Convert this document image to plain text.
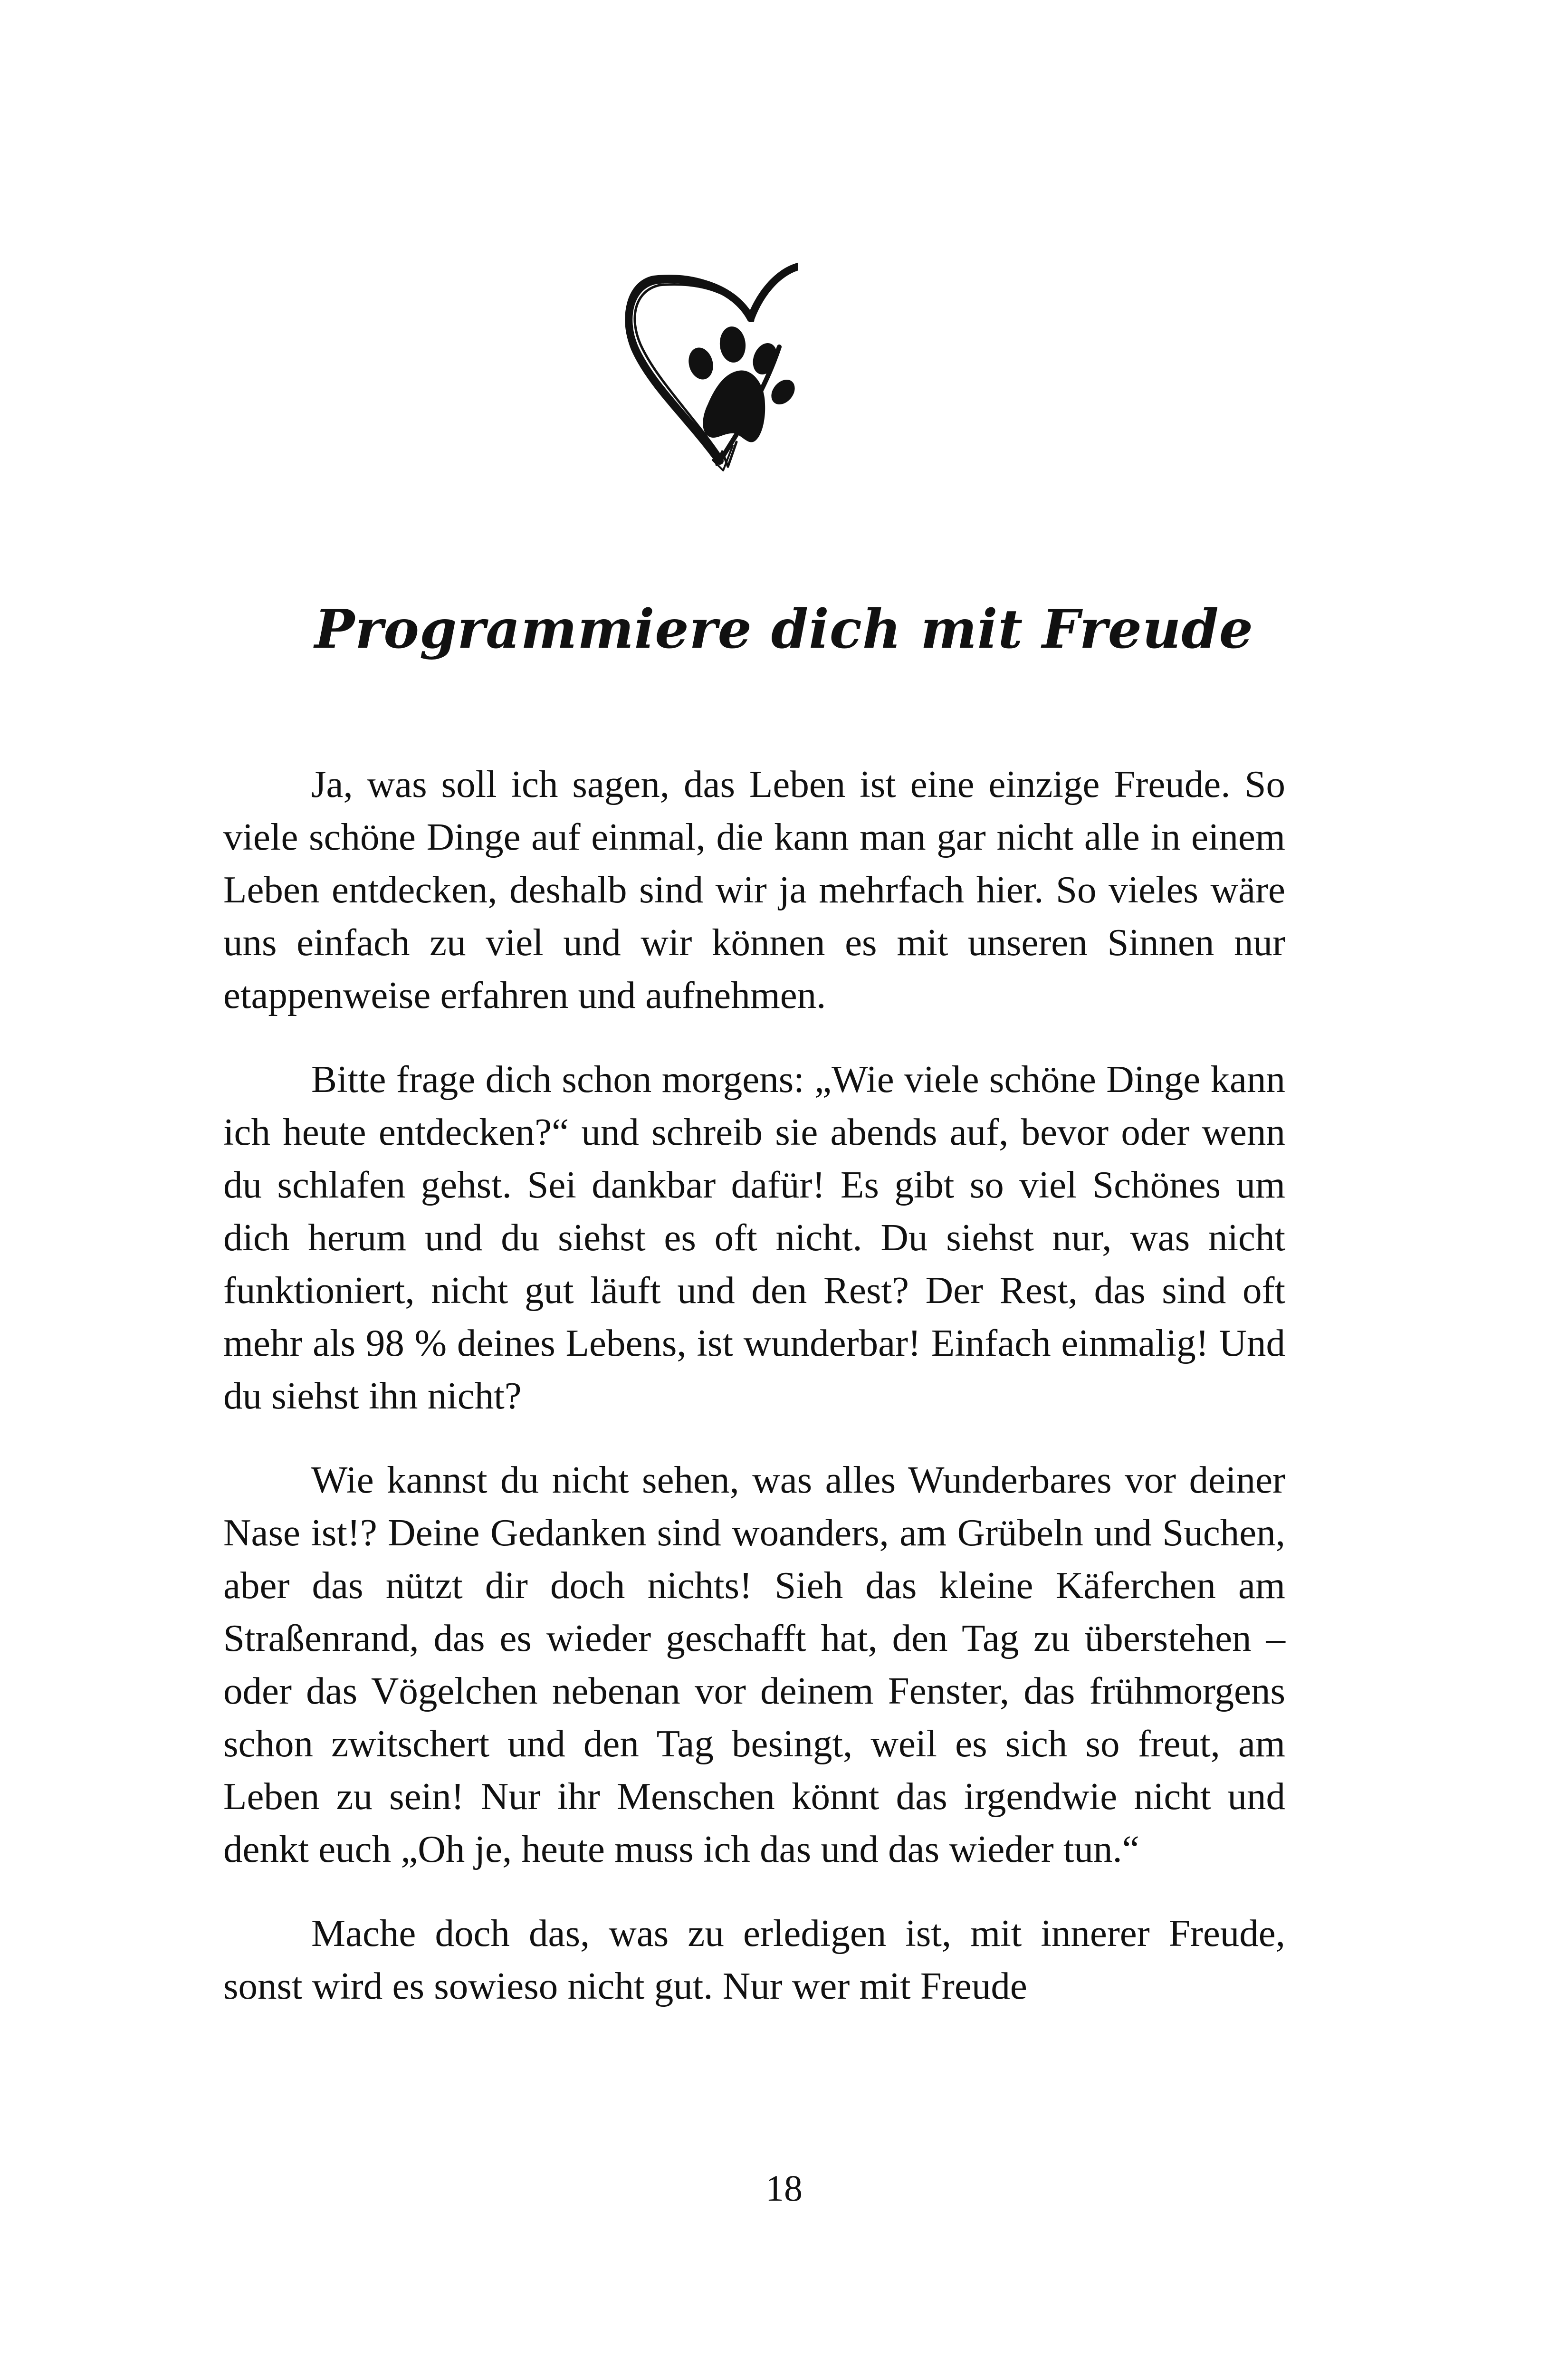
Programmiere dich mit Freude

Ja, was soll ich sagen, das Leben ist eine einzige Freude. So viele schöne Dinge auf einmal, die kann man gar nicht alle in einem Leben entdecken, deshalb sind wir ja mehrfach hier. So vieles wäre uns einfach zu viel und wir können es mit unseren Sinnen nur etappenweise erfahren und aufnehmen.

Bitte frage dich schon morgens: „Wie viele schöne Dinge kann ich heute entdecken?“ und schreib sie abends auf, bevor oder wenn du schlafen gehst. Sei dankbar dafür! Es gibt so viel Schönes um dich herum und du siehst es oft nicht. Du siehst nur, was nicht funktioniert, nicht gut läuft und den Rest? Der Rest, das sind oft mehr als 98 % deines Lebens, ist wunderbar! Einfach einmalig! Und du siehst ihn nicht?

Wie kannst du nicht sehen, was alles Wunderbares vor deiner Nase ist!? Deine Gedanken sind woanders, am Grübeln und Suchen, aber das nützt dir doch nichts! Sieh das kleine Käferchen am Straßenrand, das es wieder geschafft hat, den Tag zu überstehen – oder das Vögelchen nebenan vor deinem Fenster, das frühmorgens schon zwitschert und den Tag besingt, weil es sich so freut, am Leben zu sein! Nur ihr Menschen könnt das irgendwie nicht und denkt euch „Oh je, heute muss ich das und das wieder tun.“

Mache doch das, was zu erledigen ist, mit innerer Freude, sonst wird es sowieso nicht gut. Nur wer mit Freude

18
